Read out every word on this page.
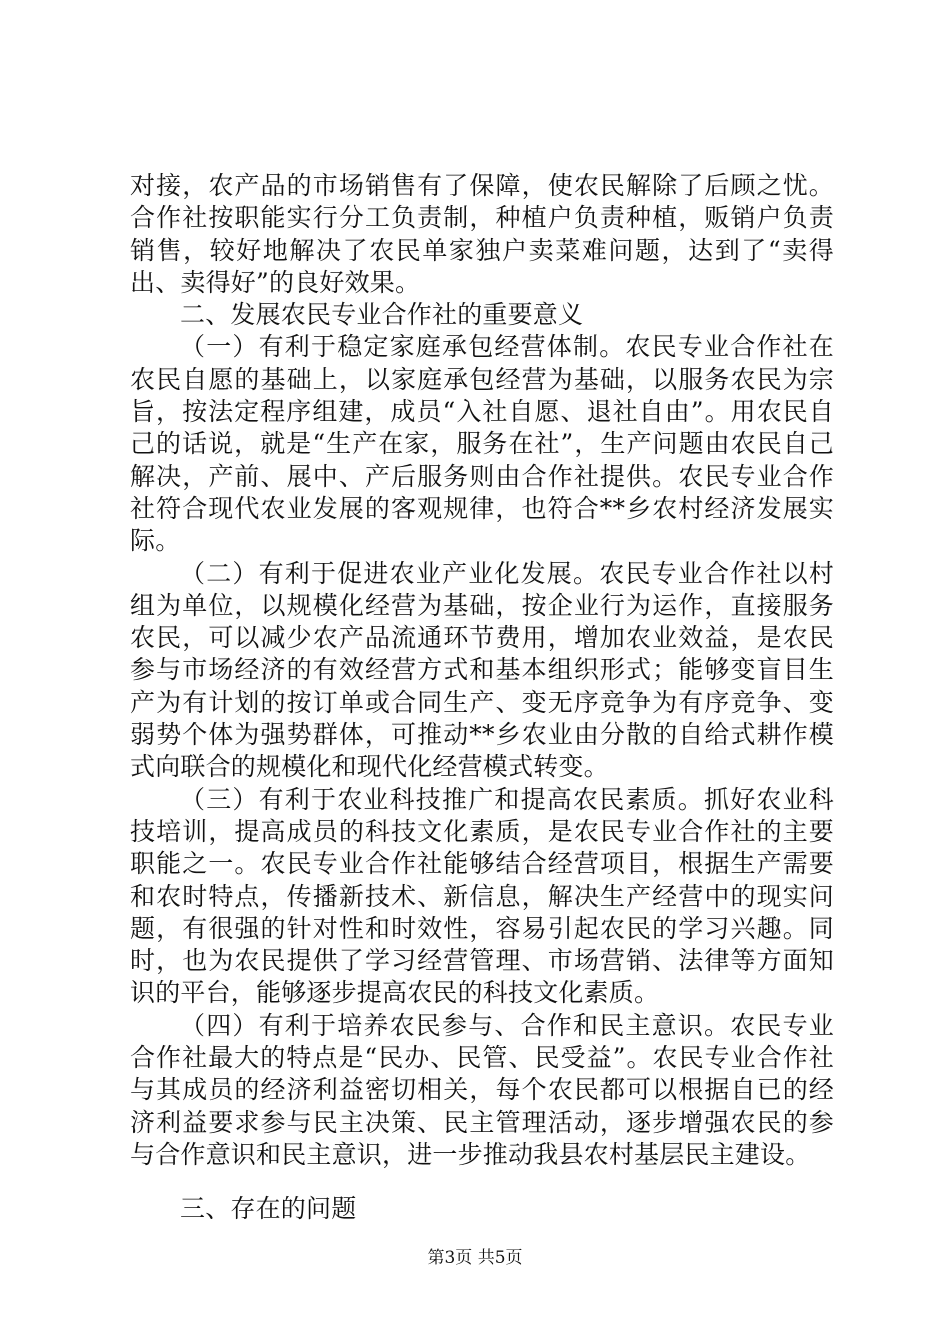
对接，农产品的市场销售有了保障，使农民解除了后顾之忧。合作社按职能实行分工负责制，种植户负责种植，贩销户负责销售，较好地解决了农民单家独户卖菜难问题，达到了“卖得出、卖得好”的良好效果。

二、发展农民专业合作社的重要意义

（一）有利于稳定家庭承包经营体制。农民专业合作社在农民自愿的基础上，以家庭承包经营为基础，以服务农民为宗旨，按法定程序组建，成员“入社自愿、退社自由”。用农民自己的话说，就是“生产在家，服务在社”，生产问题由农民自己解决，产前、展中、产后服务则由合作社提供。农民专业合作社符合现代农业发展的客观规律，也符合**乡农村经济发展实际。

（二）有利于促进农业产业化发展。农民专业合作社以村组为单位，以规模化经营为基础，按企业行为运作，直接服务农民，可以减少农产品流通环节费用，增加农业效益，是农民参与市场经济的有效经营方式和基本组织形式；能够变盲目生产为有计划的按订单或合同生产、变无序竞争为有序竞争、变弱势个体为强势群体，可推动**乡农业由分散的自给式耕作模式向联合的规模化和现代化经营模式转变。

（三）有利于农业科技推广和提高农民素质。抓好农业科技培训，提高成员的科技文化素质，是农民专业合作社的主要职能之一。农民专业合作社能够结合经营项目，根据生产需要和农时特点，传播新技术、新信息，解决生产经营中的现实问题，有很强的针对性和时效性，容易引起农民的学习兴趣。同时，也为农民提供了学习经营管理、市场营销、法律等方面知识的平台，能够逐步提高农民的科技文化素质。

（四）有利于培养农民参与、合作和民主意识。农民专业合作社最大的特点是“民办、民管、民受益”。农民专业合作社与其成员的经济利益密切相关，每个农民都可以根据自已的经济利益要求参与民主决策、民主管理活动，逐步增强农民的参与合作意识和民主意识，进一步推动我县农村基层民主建设。

三、存在的问题

第3页 共5页
